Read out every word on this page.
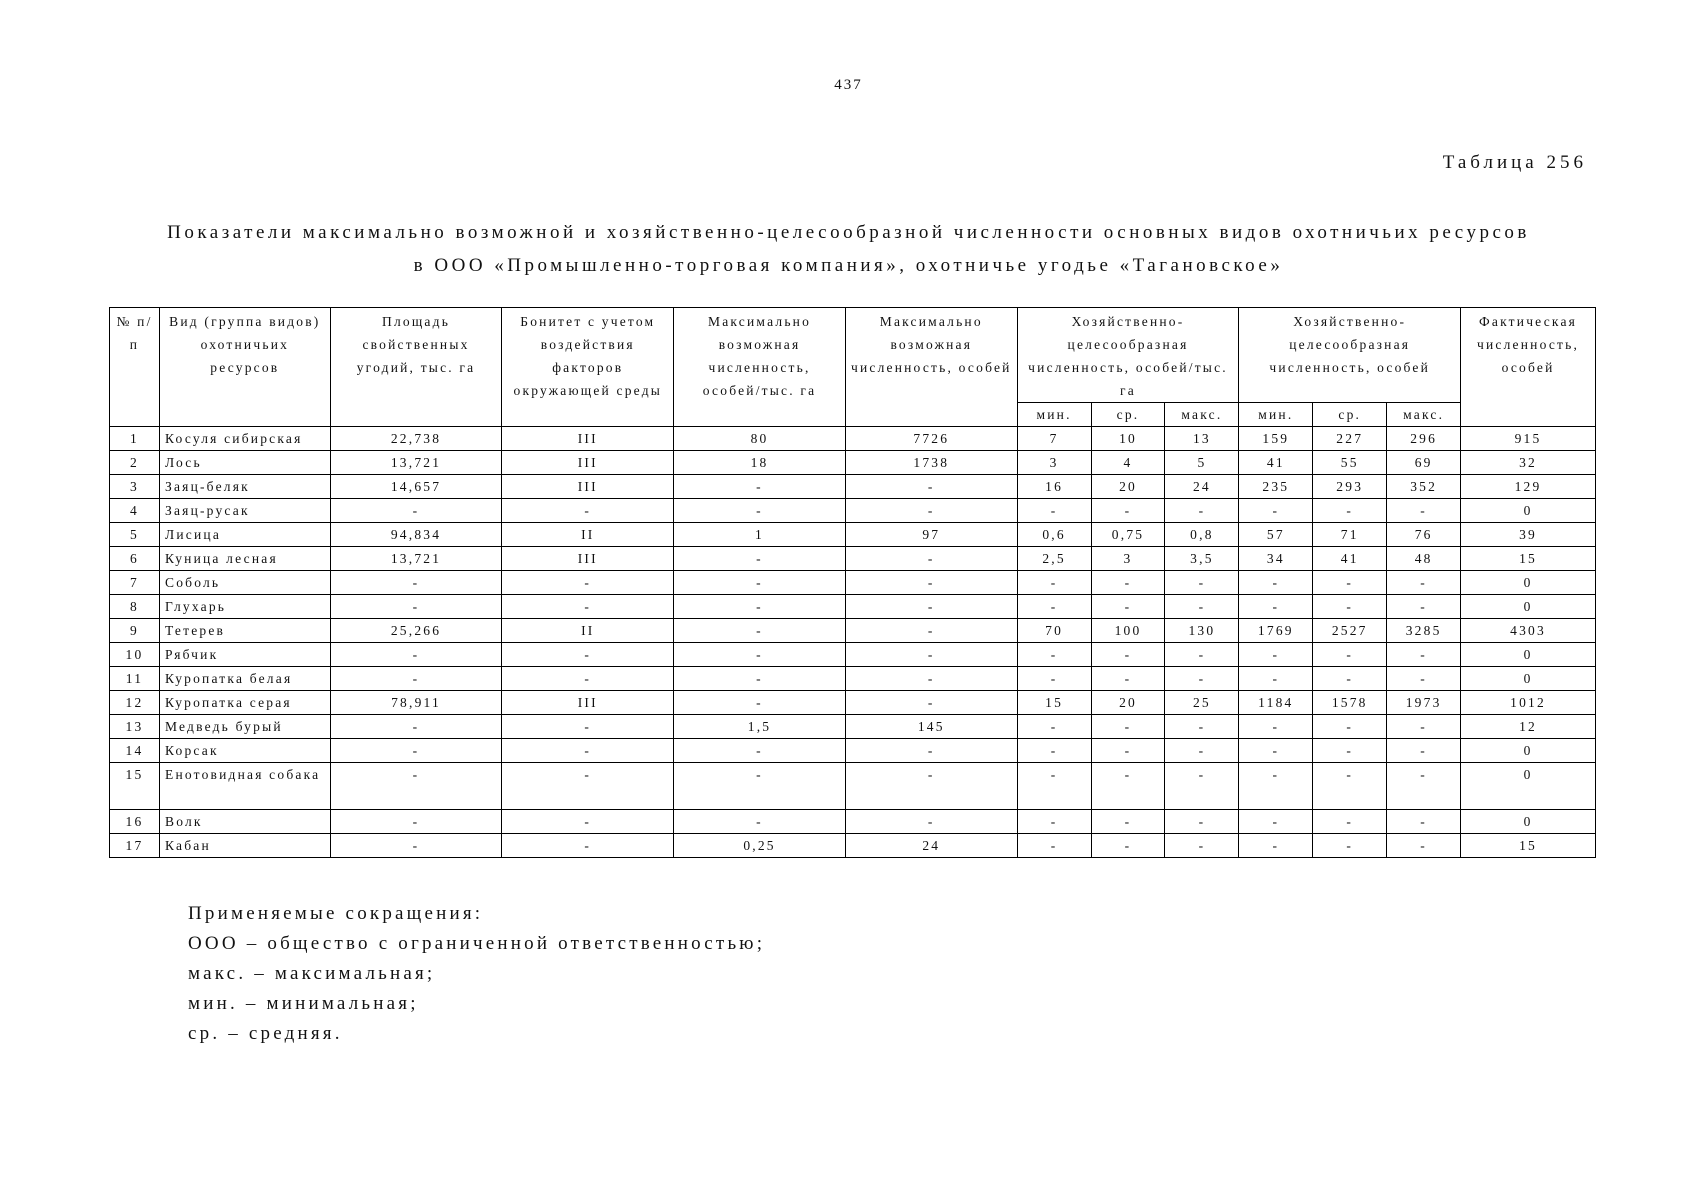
437
Таблица 256
Показатели максимально возможной и хозяйственно-целесообразной численности основных видов охотничьих ресурсов
в ООО «Промышленно-торговая компания», охотничье угодье «Тагановское»
№ п/п	Вид (группа видов) охотничьих ресурсов	Площадь свойственных угодий, тыс. га	Бонитет с учетом воздействия факторов окружающей среды	Максимально возможная численность, особей/тыс. га	Максимально возможная численность, особей	Хозяйственно-целесообразная численность, особей/тыс. га			Хозяйственно-целесообразная численность, особей			Фактическая численность, особей
						мин.	ср.	макс.	мин.	ср.	макс.	
1	Косуля сибирская	22,738	III	80	7726	7	10	13	159	227	296	915
2	Лось	13,721	III	18	1738	3	4	5	41	55	69	32
3	Заяц-беляк	14,657	III	-	-	16	20	24	235	293	352	129
4	Заяц-русак	-	-	-	-	-	-	-	-	-	-	0
5	Лисица	94,834	II	1	97	0,6	0,75	0,8	57	71	76	39
6	Куница лесная	13,721	III	-	-	2,5	3	3,5	34	41	48	15
7	Соболь	-	-	-	-	-	-	-	-	-	-	0
8	Глухарь	-	-	-	-	-	-	-	-	-	-	0
9	Тетерев	25,266	II	-	-	70	100	130	1769	2527	3285	4303
10	Рябчик	-	-	-	-	-	-	-	-	-	-	0
11	Куропатка белая	-	-	-	-	-	-	-	-	-	-	0
12	Куропатка серая	78,911	III	-	-	15	20	25	1184	1578	1973	1012
13	Медведь бурый	-	-	1,5	145	-	-	-	-	-	-	12
14	Корсак	-	-	-	-	-	-	-	-	-	-	0
15	Енотовидная собака	-	-	-	-	-	-	-	-	-	-	0
16	Волк	-	-	-	-	-	-	-	-	-	-	0
17	Кабан	-	-	0,25	24	-	-	-	-	-	-	15
Применяемые сокращения:
ООО – общество с ограниченной ответственностью;
макс. – максимальная;
мин. – минимальная;
ср. – средняя.
